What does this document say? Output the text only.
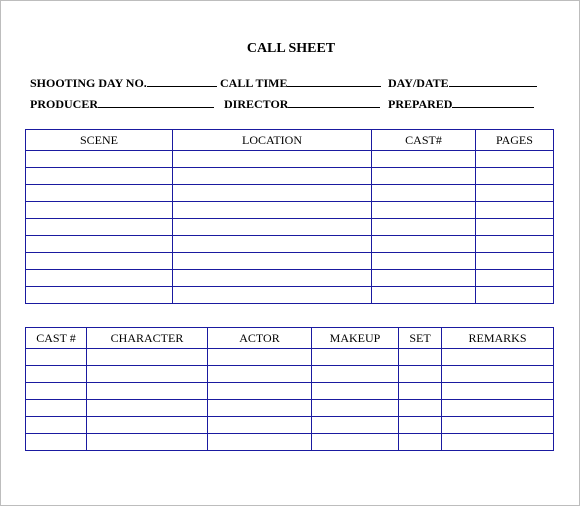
CALL SHEET
SHOOTING DAY NO.	CALL TIME	DAY/DATE
PRODUCER	DIRECTOR	PREPARED
SCENE	LOCATION	CAST#	PAGES

CAST #	CHARACTER	ACTOR	MAKEUP	SET	REMARKS
